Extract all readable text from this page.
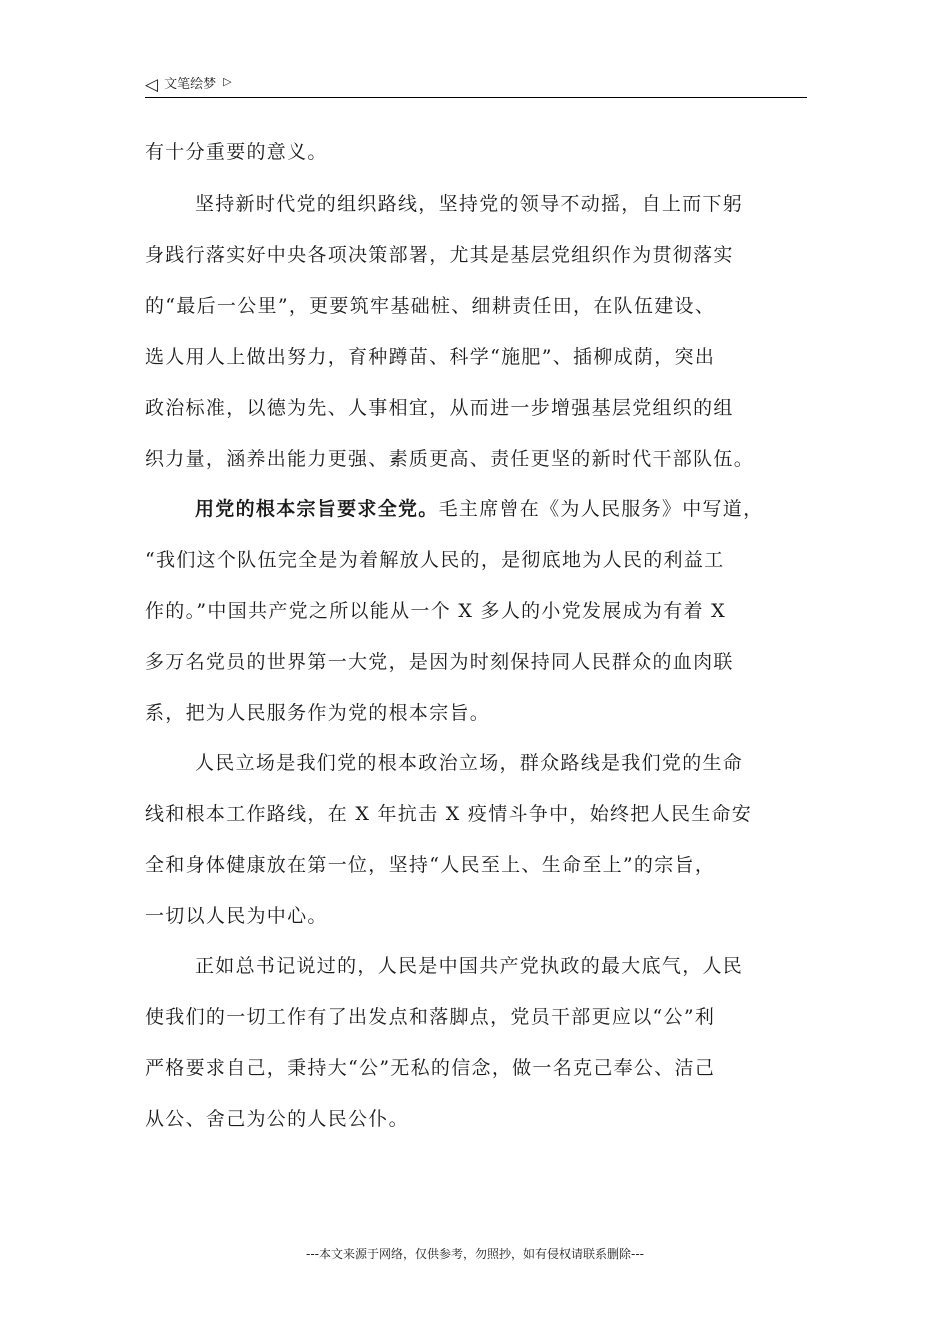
◁ 文笔绘梦 ▷

有十分重要的意义。

坚持新时代党的组织路线，坚持党的领导不动摇，自上而下躬
身践行落实好中央各项决策部署，尤其是基层党组织作为贯彻落实
的“最后一公里”，更要筑牢基础桩、细耕责任田，在队伍建设、
选人用人上做出努力，育种蹲苗、科学“施肥”、插柳成荫，突出
政治标准，以德为先、人事相宜，从而进一步增强基层党组织的组
织力量，涵养出能力更强、素质更高、责任更坚的新时代干部队伍。

用党的根本宗旨要求全党。毛主席曾在《为人民服务》中写道，
“我们这个队伍完全是为着解放人民的，是彻底地为人民的利益工
作的。”中国共产党之所以能从一个 X 多人的小党发展成为有着 X
多万名党员的世界第一大党，是因为时刻保持同人民群众的血肉联
系，把为人民服务作为党的根本宗旨。

人民立场是我们党的根本政治立场，群众路线是我们党的生命
线和根本工作路线，在 X 年抗击 X 疫情斗争中，始终把人民生命安
全和身体健康放在第一位，坚持“人民至上、生命至上”的宗旨，
一切以人民为中心。

正如总书记说过的，人民是中国共产党执政的最大底气，人民
使我们的一切工作有了出发点和落脚点，党员干部更应以“公”利
严格要求自己，秉持大“公”无私的信念，做一名克己奉公、洁己
从公、舍己为公的人民公仆。

---本文来源于网络，仅供参考，勿照抄，如有侵权请联系删除---
